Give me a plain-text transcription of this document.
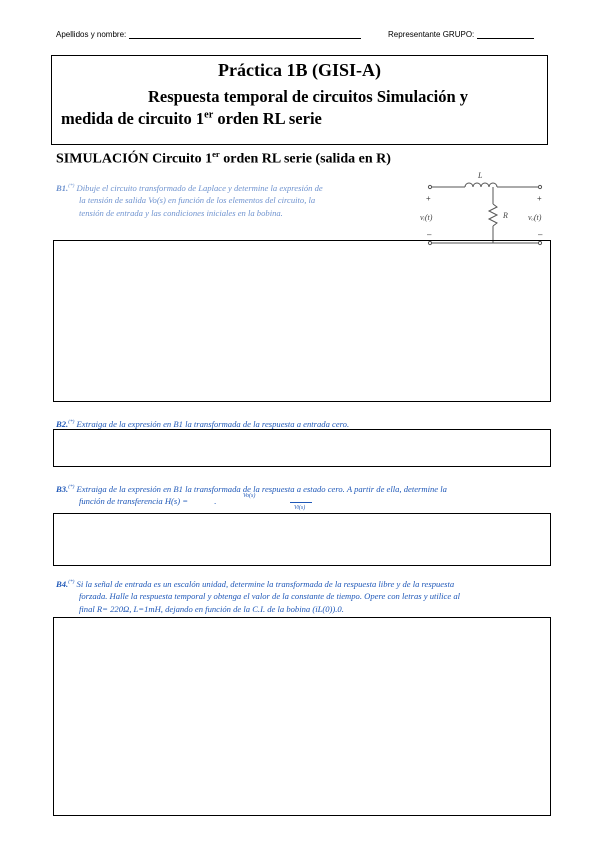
Apellidos y nombre:	Representante GRUPO:
Práctica 1B (GISI-A)
Respuesta temporal de circuitos Simulación y
medida de circuito 1er orden RL serie
SIMULACIÓN Circuito 1er orden RL serie (salida en R)
B1.(*) Dibuje el circuito transformado de Laplace y determine la expresión de
la tensión de salida Vo(s) en función de los elementos del circuito, la
tensión de entrada y las condiciones iniciales en la bobina.
L
R
vᵢ(t)	vₒ(t)
+
–
+
–
B2.(*) Extraiga de la expresión en B1 la transformada de la respuesta a entrada cero.
B3.(*) Extraiga de la expresión en B1 la transformada de la respuesta a estado cero. A partir de ella, determine la
función de transferencia H(s) =	.
Vo(s)
Vi(s)
B4.(*) Si la señal de entrada es un escalón unidad, determine la transformada de la respuesta libre y de la respuesta
forzada. Halle la respuesta temporal y obtenga el valor de la constante de tiempo. Opere con letras y utilice al
final R= 220Ω, L=1mH, dejando en función de la C.I. de la bobina (iL(0)).0.
